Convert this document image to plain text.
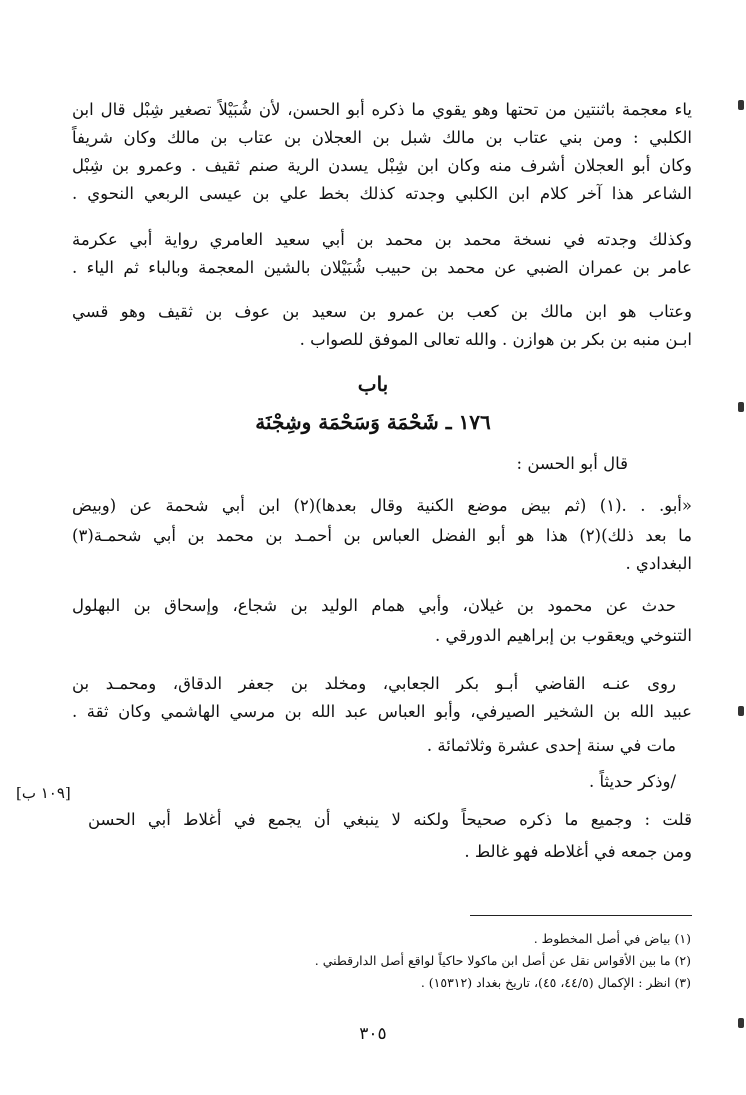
ياء معجمة باثنتين من تحتها وهو يقوي ما ذكره أبو الحسن، لأن شُبَيْلاً تصغير شِبْل قال ابن
الكلبي : ومن بني عتاب بن مالك شبل بن العجلان بن عتاب بن مالك وكان شريفاً
وكان أبو العجلان أشرف منه وكان ابن شِبْل يسدن الرية صنم ثقيف . وعمرو بن شِبْل
الشاعر هذا آخر كلام ابن الكلبي وجدته كذلك بخط علي بن عيسى الربعي النحوي .
وكذلك وجدته في نسخة محمد بن محمد بن أبي سعيد العامري رواية أبي عكرمة
عامر بن عمران الضبي عن محمد بن حبيب شُبَيْلان بالشين المعجمة وبالباء ثم الياء .
وعتاب هو ابن مالك بن كعب بن عمرو بن سعيد بن عوف بن ثقيف وهو قسي
ابـن منبه بن بكر بن هوازن . والله تعالى الموفق للصواب .
باب
١٧٦ ـ شَحْمَة وَسَحْمَة وشِجْنَة
قال أبو الحسن :
«أبو. . .(١) (ثم بيض موضع الكنية وقال بعدها)(٢) ابن أبي شحمة عن (وبيض
ما بعد ذلك)(٢) هذا هو أبو الفضل العباس بن أحمـد بن محمد بن أبي شحمـة(٣)
البغدادي .
حدث عن محمود بن غيلان، وأبي همام الوليد بن شجاع، وإسحاق بن البهلول
التنوخي ويعقوب بن إبراهيم الدورقي .
روى عنـه القاضي أبـو بكر الجعابي، ومخلد بن جعفر الدقاق، ومحمـد بن
عبيد الله بن الشخير الصيرفي، وأبو العباس عبد الله بن مرسي الهاشمي وكان ثقة .
مات في سنة إحدى عشرة وثلاثمائة .
/وذكر حديثاً .
قلت : وجميع ما ذكره صحيحاً ولكنه لا ينبغي أن يجمع في أغلاط أبي الحسن
ومن جمعه في أغلاطه فهو غالط .
[١٠٩ ب]
(١) بياض في أصل المخطوط .
(٢) ما بين الأقواس نقل عن أصل ابن ماكولا حاكياً لواقع أصل الدارقطني .
(٣) انظر : الإكمال (٤٤/٥، ٤٥)، تاريخ بغداد (١٥٣١٢) .
٣٠٥
